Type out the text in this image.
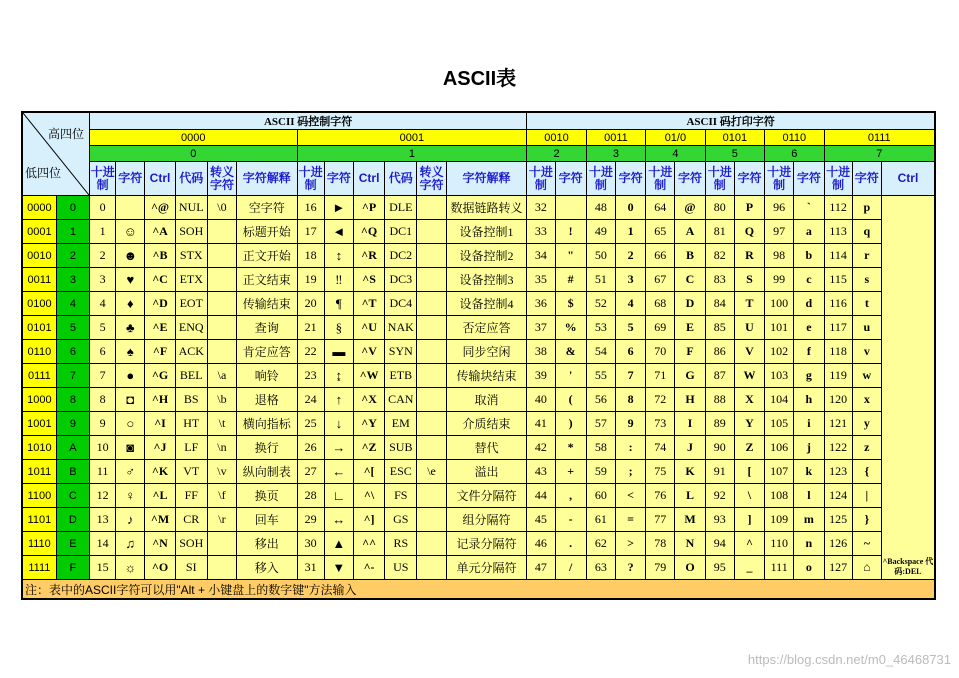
ASCII表
高四位
低四位		ASCII 码控制字符												ASCII 码打印字符												
		0000						0001						0010		0011		01/0		0101		0110		0111		
		0						1						2		3		4		5		6		7		
		十进制	字符	Ctrl	代码	转义字符	字符解释	十进制	字符	Ctrl	代码	转义字符	字符解释	十进制	字符	十进制	字符	十进制	字符	十进制	字符	十进制	字符	十进制	字符	Ctrl
0000	0	0		^@	NUL	\0	空字符	16	►	^P	DLE		数据链路转义	32		48	0	64	@	80	P	96	`	112	p	^Backspace 代码:DEL
0001	1	1	☺	^A	SOH		标题开始	17	◄	^Q	DC1		设备控制1	33	!	49	1	65	A	81	Q	97	a	113	q	
0010	2	2	☻	^B	STX		正文开始	18	↕	^R	DC2		设备控制2	34	"	50	2	66	B	82	R	98	b	114	r	
0011	3	3	♥	^C	ETX		正文结束	19	‼	^S	DC3		设备控制3	35	#	51	3	67	C	83	S	99	c	115	s	
0100	4	4	♦	^D	EOT		传输结束	20	¶	^T	DC4		设备控制4	36	$	52	4	68	D	84	T	100	d	116	t	
0101	5	5	♣	^E	ENQ		查询	21	§	^U	NAK		否定应答	37	%	53	5	69	E	85	U	101	e	117	u	
0110	6	6	♠	^F	ACK		肯定应答	22	▬	^V	SYN		同步空闲	38	&	54	6	70	F	86	V	102	f	118	v	
0111	7	7	●	^G	BEL	\a	响铃	23	↨	^W	ETB		传输块结束	39	'	55	7	71	G	87	W	103	g	119	w	
1000	8	8	◘	^H	BS	\b	退格	24	↑	^X	CAN		取消	40	(	56	8	72	H	88	X	104	h	120	x	
1001	9	9	○	^I	HT	\t	横向指标	25	↓	^Y	EM		介质结束	41	)	57	9	73	I	89	Y	105	i	121	y	
1010	A	10	◙	^J	LF	\n	换行	26	→	^Z	SUB		替代	42	*	58	:	74	J	90	Z	106	j	122	z	
1011	B	11	♂	^K	VT	\v	纵向制表	27	←	^[	ESC	\e	溢出	43	+	59	;	75	K	91	[	107	k	123	{	
1100	C	12	♀	^L	FF	\f	换页	28	∟	^\	FS		文件分隔符	44	,	60	<	76	L	92	\	108	l	124	|	
1101	D	13	♪	^M	CR	\r	回车	29	↔	^]	GS		组分隔符	45	-	61	=	77	M	93	]	109	m	125	}	
1110	E	14	♫	^N	SOH		移出	30	▲	^^	RS		记录分隔符	46	.	62	>	78	N	94	^	110	n	126	~	
1111	F	15	☼	^O	SI		移入	31	▼	^-	US		单元分隔符	47	/	63	?	79	O	95	_	111	o	127	⌂	
注：表中的ASCII字符可以用"Alt + 小键盘上的数字键"方法输入																										
https://blog.csdn.net/m0_46468731
